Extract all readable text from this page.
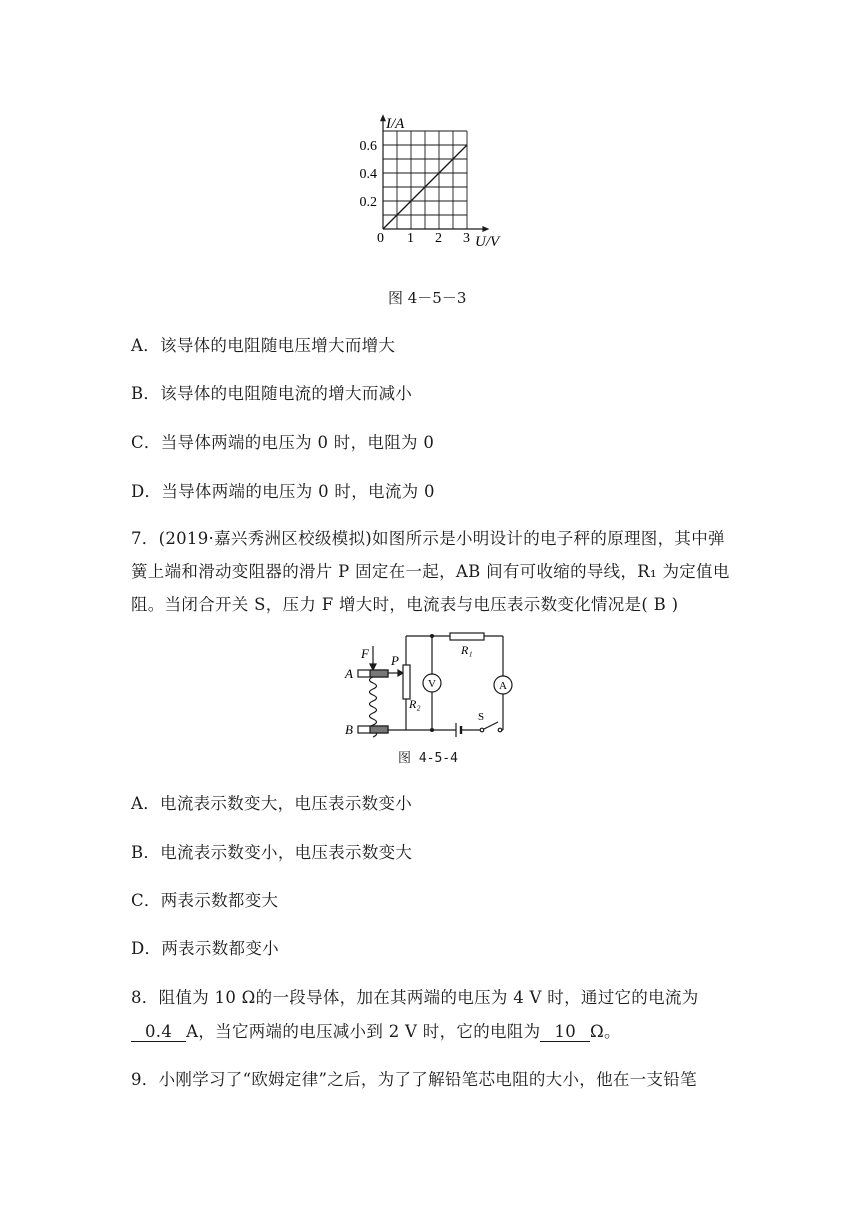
1 2 3
0.2
0.4
0.6
I/A
U/V
0
图 4－5－3
A．该导体的电阻随电压增大而增大
B．该导体的电阻随电流的增大而减小
C．当导体两端的电压为 0 时，电阻为 0
D．当导体两端的电压为 0 时，电流为 0
7．(2019·嘉兴秀洲区校级模拟)如图所示是小明设计的电子秤的原理图，其中弹
簧上端和滑动变阻器的滑片 P 固定在一起，AB 间有可收缩的导线，R₁ 为定值电
阻。当闭合开关 S，压力 F 增大时，电流表与电压表示数变化情况是( B )
F P
A
B
R₁
R₂
S
V	A
图 4-5-4
A．电流表示数变大，电压表示数变小
B．电流表示数变小，电压表示数变大
C．两表示数都变大
D．两表示数都变小
8．阻值为 10 Ω的一段导体，加在其两端的电压为 4 V 时，通过它的电流为
0.4 A，当它两端的电压减小到 2 V 时，它的电阻为 10 Ω。
9．小刚学习了“欧姆定律”之后，为了了解铅笔芯电阻的大小，他在一支铅笔
